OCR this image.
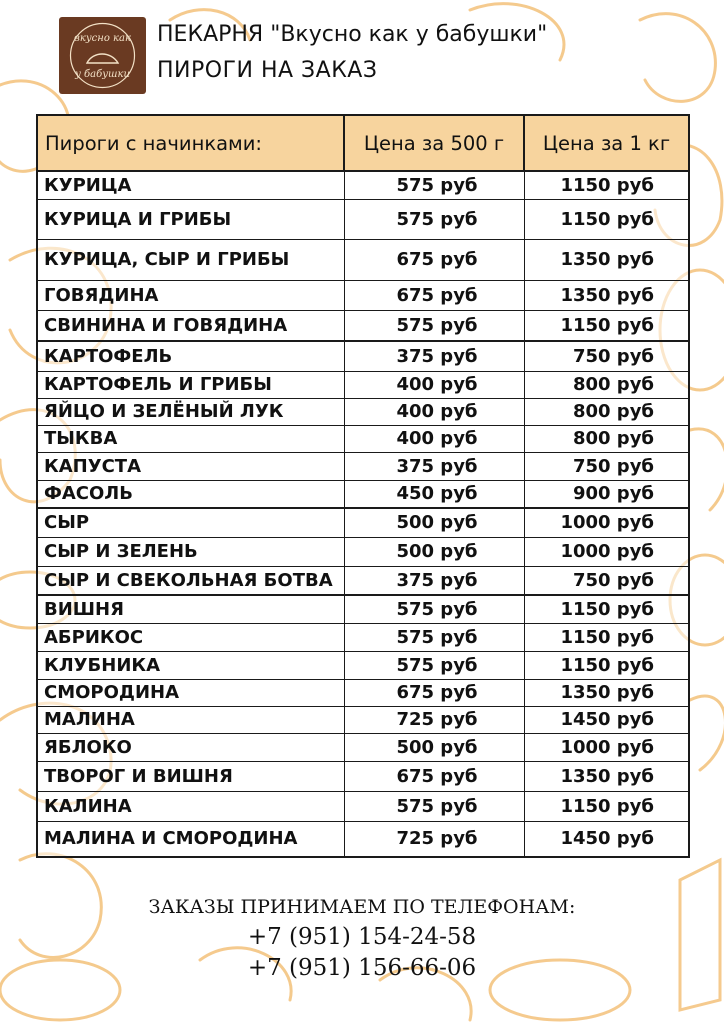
вкусно как
у бабушки
ПЕКАРНЯ "Вкусно как у бабушки"
ПИРОГИ НА ЗАКАЗ
Пироги с начинками:	Цена за 500 г	Цена за 1 кг
КУРИЦА	575 руб	1150 руб
КУРИЦА И ГРИБЫ	575 руб	1150 руб
КУРИЦА, СЫР И ГРИБЫ	675 руб	1350 руб
ГОВЯДИНА	675 руб	1350 руб
СВИНИНА И ГОВЯДИНА	575 руб	1150 руб
КАРТОФЕЛЬ	375 руб	750 руб
КАРТОФЕЛЬ И ГРИБЫ	400 руб	800 руб
ЯЙЦО И ЗЕЛЁНЫЙ ЛУК	400 руб	800 руб
ТЫКВА	400 руб	800 руб
КАПУСТА	375 руб	750 руб
ФАСОЛЬ	450 руб	900 руб
СЫР	500 руб	1000 руб
СЫР И ЗЕЛЕНЬ	500 руб	1000 руб
СЫР И СВЕКОЛЬНАЯ БОТВА	375 руб	750 руб
ВИШНЯ	575 руб	1150 руб
АБРИКОС	575 руб	1150 руб
КЛУБНИКА	575 руб	1150 руб
СМОРОДИНА	675 руб	1350 руб
МАЛИНА	725 руб	1450 руб
ЯБЛОКО	500 руб	1000 руб
ТВОРОГ И ВИШНЯ	675 руб	1350 руб
КАЛИНА	575 руб	1150 руб
МАЛИНА И СМОРОДИНА	725 руб	1450 руб
ЗАКАЗЫ ПРИНИМАЕМ ПО ТЕЛЕФОНАМ:
+7 (951) 154-24-58
+7 (951) 156-66-06
